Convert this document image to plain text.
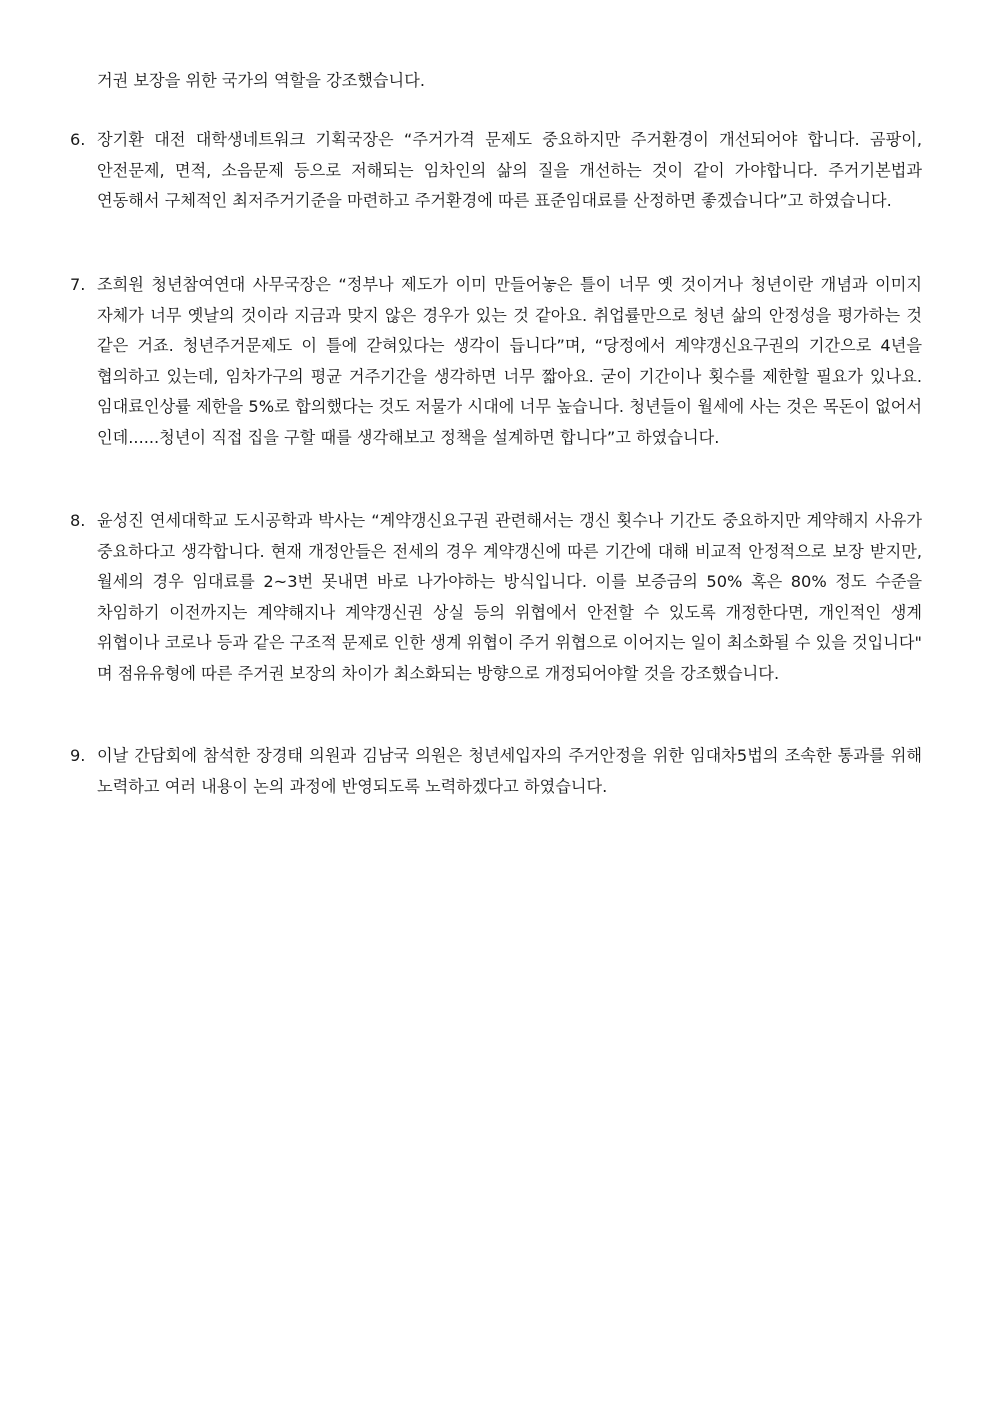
거권 보장을 위한 국가의 역할을 강조했습니다.

6. 장기환 대전 대학생네트워크 기획국장은 “주거가격 문제도 중요하지만 주거환경이 개선되어야 합니다. 곰팡이, 안전문제, 면적, 소음문제 등으로 저해되는 임차인의 삶의 질을 개선하는 것이 같이 가야합니다. 주거기본법과 연동해서 구체적인 최저주거기준을 마련하고 주거환경에 따른 표준임대료를 산정하면 좋겠습니다”고 하였습니다.

7. 조희원 청년참여연대 사무국장은 “정부나 제도가 이미 만들어놓은 틀이 너무 옛 것이거나 청년이란 개념과 이미지 자체가 너무 옛날의 것이라 지금과 맞지 않은 경우가 있는 것 같아요. 취업률만으로 청년 삶의 안정성을 평가하는 것 같은 거죠. 청년주거문제도 이 틀에 갇혀있다는 생각이 듭니다”며, “당정에서 계약갱신요구권의 기간으로 4년을 협의하고 있는데, 임차가구의 평균 거주기간을 생각하면 너무 짧아요. 굳이 기간이나 횟수를 제한할 필요가 있나요. 임대료인상률 제한을 5%로 합의했다는 것도 저물가 시대에 너무 높습니다. 청년들이 월세에 사는 것은 목돈이 없어서 인데......청년이 직접 집을 구할 때를 생각해보고 정책을 설계하면 합니다”고 하였습니다.

8. 윤성진 연세대학교 도시공학과 박사는 “계약갱신요구권 관련해서는 갱신 횟수나 기간도 중요하지만 계약해지 사유가 중요하다고 생각합니다. 현재 개정안들은 전세의 경우 계약갱신에 따른 기간에 대해 비교적 안정적으로 보장 받지만, 월세의 경우 임대료를 2~3번 못내면 바로 나가야하는 방식입니다. 이를 보증금의 50% 혹은 80% 정도 수준을 차임하기 이전까지는 계약해지나 계약갱신권 상실 등의 위협에서 안전할 수 있도록 개정한다면, 개인적인 생계 위협이나 코로나 등과 같은 구조적 문제로 인한 생계 위협이 주거 위협으로 이어지는 일이 최소화될 수 있을 것입니다" 며 점유유형에 따른 주거권 보장의 차이가 최소화되는 방향으로 개정되어야할 것을 강조했습니다.

9. 이날 간담회에 참석한 장경태 의원과 김남국 의원은 청년세입자의 주거안정을 위한 임대차5법의 조속한 통과를 위해 노력하고 여러 내용이 논의 과정에 반영되도록 노력하겠다고 하였습니다.
